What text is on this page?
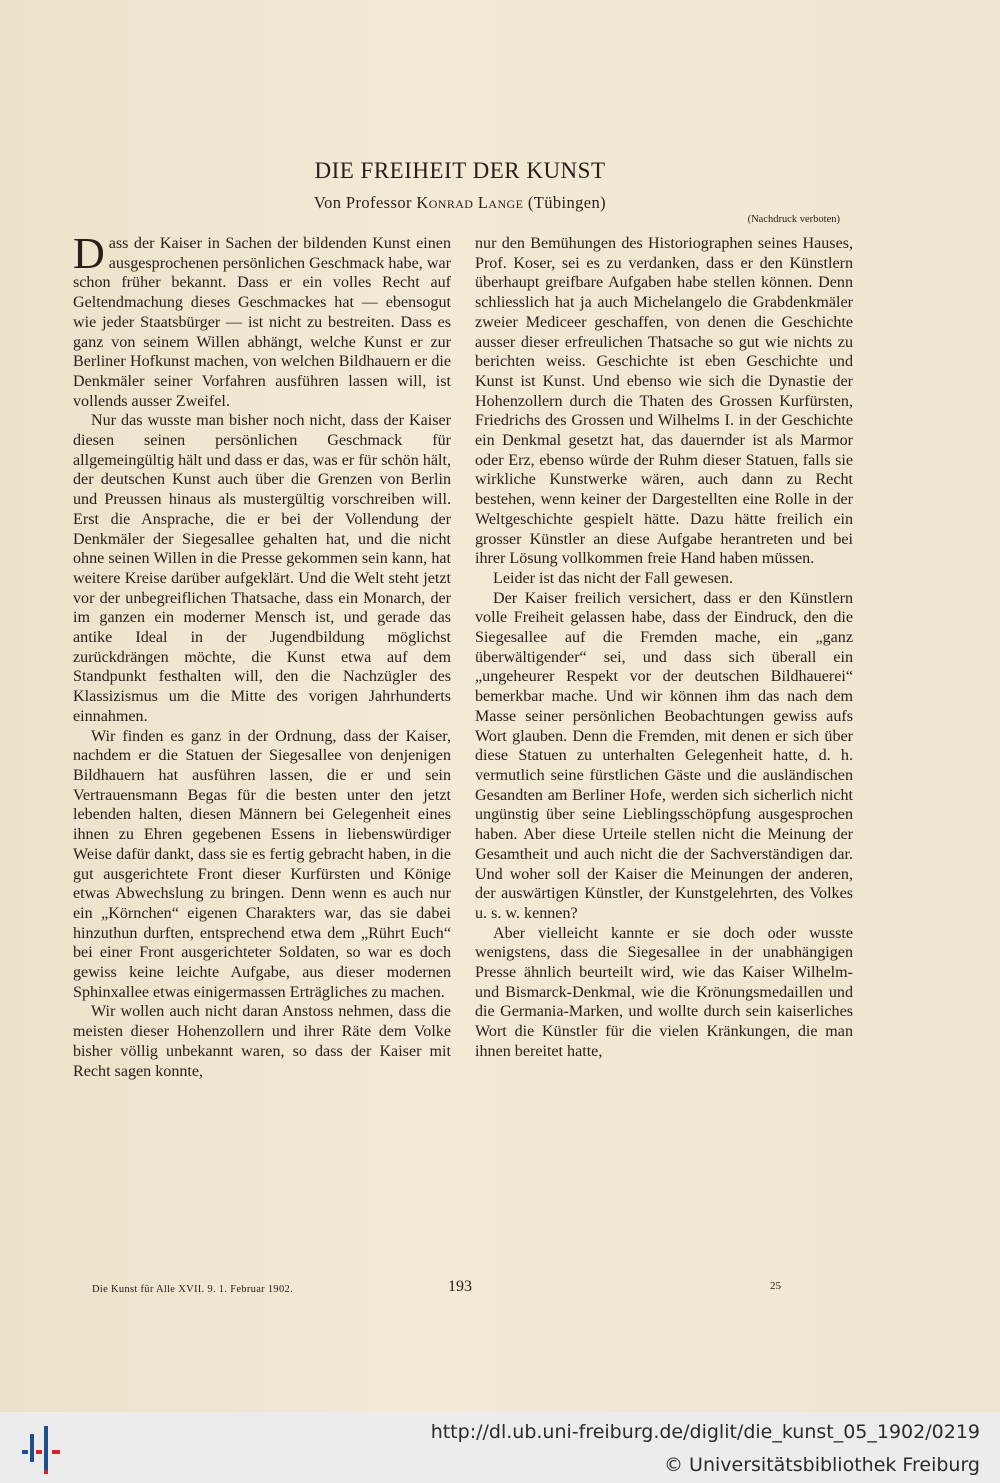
DIE FREIHEIT DER KUNST
Von Professor Konrad Lange (Tübingen)
(Nachdruck verboten)

Dass der Kaiser in Sachen der bildenden Kunst einen ausgesprochenen persönlichen Geschmack habe, war schon früher bekannt. Dass er ein volles Recht auf Geltendmachung dieses Geschmackes hat — ebensogut wie jeder Staatsbürger — ist nicht zu bestreiten. Dass es ganz von seinem Willen abhängt, welche Kunst er zur Berliner Hofkunst machen, von welchen Bildhauern er die Denkmäler seiner Vorfahren ausführen lassen will, ist vollends ausser Zweifel.

Nur das wusste man bisher noch nicht, dass der Kaiser diesen seinen persönlichen Geschmack für allgemeingültig hält und dass er das, was er für schön hält, der deutschen Kunst auch über die Grenzen von Berlin und Preussen hinaus als mustergültig vorschreiben will. Erst die Ansprache, die er bei der Vollendung der Denkmäler der Siegesallee gehalten hat, und die nicht ohne seinen Willen in die Presse gekommen sein kann, hat weitere Kreise darüber aufgeklärt. Und die Welt steht jetzt vor der unbegreiflichen Thatsache, dass ein Monarch, der im ganzen ein moderner Mensch ist, und gerade das antike Ideal in der Jugendbildung möglichst zurückdrängen möchte, die Kunst etwa auf dem Standpunkt festhalten will, den die Nachzügler des Klassizismus um die Mitte des vorigen Jahrhunderts einnahmen.

Wir finden es ganz in der Ordnung, dass der Kaiser, nachdem er die Statuen der Siegesallee von denjenigen Bildhauern hat ausführen lassen, die er und sein Vertrauensmann Begas für die besten unter den jetzt lebenden halten, diesen Männern bei Gelegenheit eines ihnen zu Ehren gegebenen Essens in liebenswürdiger Weise dafür dankt, dass sie es fertig gebracht haben, in die gut ausgerichtete Front dieser Kurfürsten und Könige etwas Abwechslung zu bringen. Denn wenn es auch nur ein „Körnchen“ eigenen Charakters war, das sie dabei hinzuthun durften, entsprechend etwa dem „Rührt Euch“ bei einer Front ausgerichteter Soldaten, so war es doch gewiss keine leichte Aufgabe, aus dieser modernen Sphinxallee etwas einigermassen Erträgliches zu machen.

Wir wollen auch nicht daran Anstoss nehmen, dass die meisten dieser Hohenzollern und ihrer Räte dem Volke bisher völlig unbekannt waren, so dass der Kaiser mit Recht sagen konnte,

nur den Bemühungen des Historiographen seines Hauses, Prof. Koser, sei es zu verdanken, dass er den Künstlern überhaupt greifbare Aufgaben habe stellen können. Denn schliesslich hat ja auch Michelangelo die Grabdenkmäler zweier Mediceer geschaffen, von denen die Geschichte ausser dieser erfreulichen Thatsache so gut wie nichts zu berichten weiss. Geschichte ist eben Geschichte und Kunst ist Kunst. Und ebenso wie sich die Dynastie der Hohenzollern durch die Thaten des Grossen Kurfürsten, Friedrichs des Grossen und Wilhelms I. in der Geschichte ein Denkmal gesetzt hat, das dauernder ist als Marmor oder Erz, ebenso würde der Ruhm dieser Statuen, falls sie wirkliche Kunstwerke wären, auch dann zu Recht bestehen, wenn keiner der Dargestellten eine Rolle in der Weltgeschichte gespielt hätte. Dazu hätte freilich ein grosser Künstler an diese Aufgabe herantreten und bei ihrer Lösung vollkommen freie Hand haben müssen.

Leider ist das nicht der Fall gewesen.

Der Kaiser freilich versichert, dass er den Künstlern volle Freiheit gelassen habe, dass der Eindruck, den die Siegesallee auf die Fremden mache, ein „ganz überwältigender“ sei, und dass sich überall ein „ungeheurer Respekt vor der deutschen Bildhauerei“ bemerkbar mache. Und wir können ihm das nach dem Masse seiner persönlichen Beobachtungen gewiss aufs Wort glauben. Denn die Fremden, mit denen er sich über diese Statuen zu unterhalten Gelegenheit hatte, d. h. vermutlich seine fürstlichen Gäste und die ausländischen Gesandten am Berliner Hofe, werden sich sicherlich nicht ungünstig über seine Lieblingsschöpfung ausgesprochen haben. Aber diese Urteile stellen nicht die Meinung der Gesamtheit und auch nicht die der Sachverständigen dar. Und woher soll der Kaiser die Meinungen der anderen, der auswärtigen Künstler, der Kunstgelehrten, des Volkes u. s. w. kennen?

Aber vielleicht kannte er sie doch oder wusste wenigstens, dass die Siegesallee in der unabhängigen Presse ähnlich beurteilt wird, wie das Kaiser Wilhelm- und Bismarck-Denkmal, wie die Krönungsmedaillen und die Germania-Marken, und wollte durch sein kaiserliches Wort die Künstler für die vielen Kränkungen, die man ihnen bereitet hatte,

Die Kunst für Alle XVII. 9. 1. Februar 1902.	193	25
http://dl.ub.uni-freiburg.de/diglit/die_kunst_05_1902/0219
© Universitätsbibliothek Freiburg
